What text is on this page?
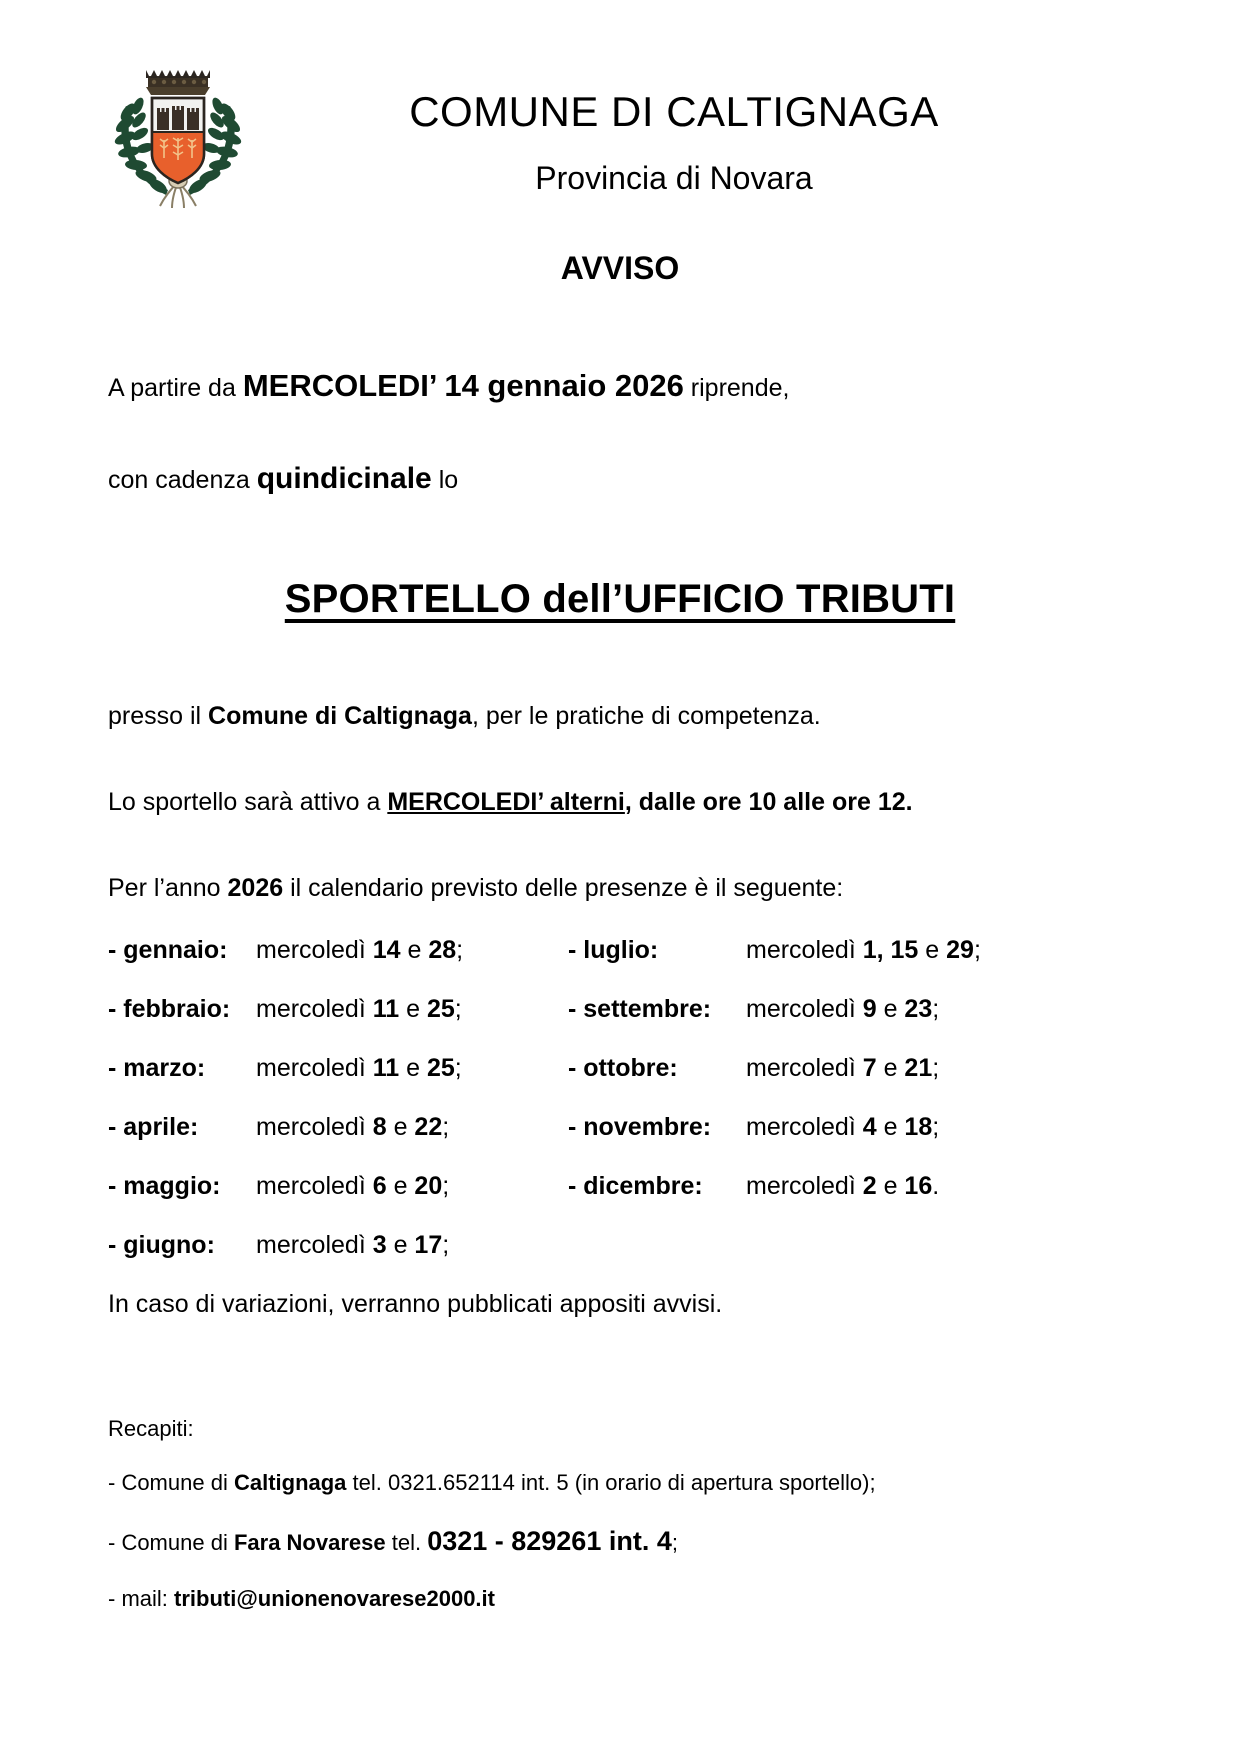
COMUNE DI CALTIGNAGA
Provincia di Novara
AVVISO

A partire da MERCOLEDI’ 14 gennaio 2026 riprende,

con cadenza quindicinale lo

SPORTELLO dell’UFFICIO TRIBUTI

presso il Comune di Caltignaga, per le pratiche di competenza.

Lo sportello sarà attivo a MERCOLEDI’ alterni, dalle ore 10 alle ore 12.

Per l’anno 2026 il calendario previsto delle presenze è il seguente:

- gennaio:	mercoledì 14 e 28;	- luglio:	mercoledì 1, 15 e 29;
- febbraio:	mercoledì 11 e 25;	- settembre:	mercoledì 9 e 23;
- marzo:	mercoledì 11 e 25;	- ottobre:	mercoledì 7 e 21;
- aprile:	mercoledì 8 e 22;	- novembre:	mercoledì 4 e 18;
- maggio:	mercoledì 6 e 20;	- dicembre:	mercoledì 2 e 16.
- giugno:	mercoledì 3 e 17;

In caso di variazioni, verranno pubblicati appositi avvisi.

Recapiti:

- Comune di Caltignaga tel. 0321.652114 int. 5 (in orario di apertura sportello);

- Comune di Fara Novarese tel. 0321 - 829261 int. 4;

- mail: tributi@unionenovarese2000.it
